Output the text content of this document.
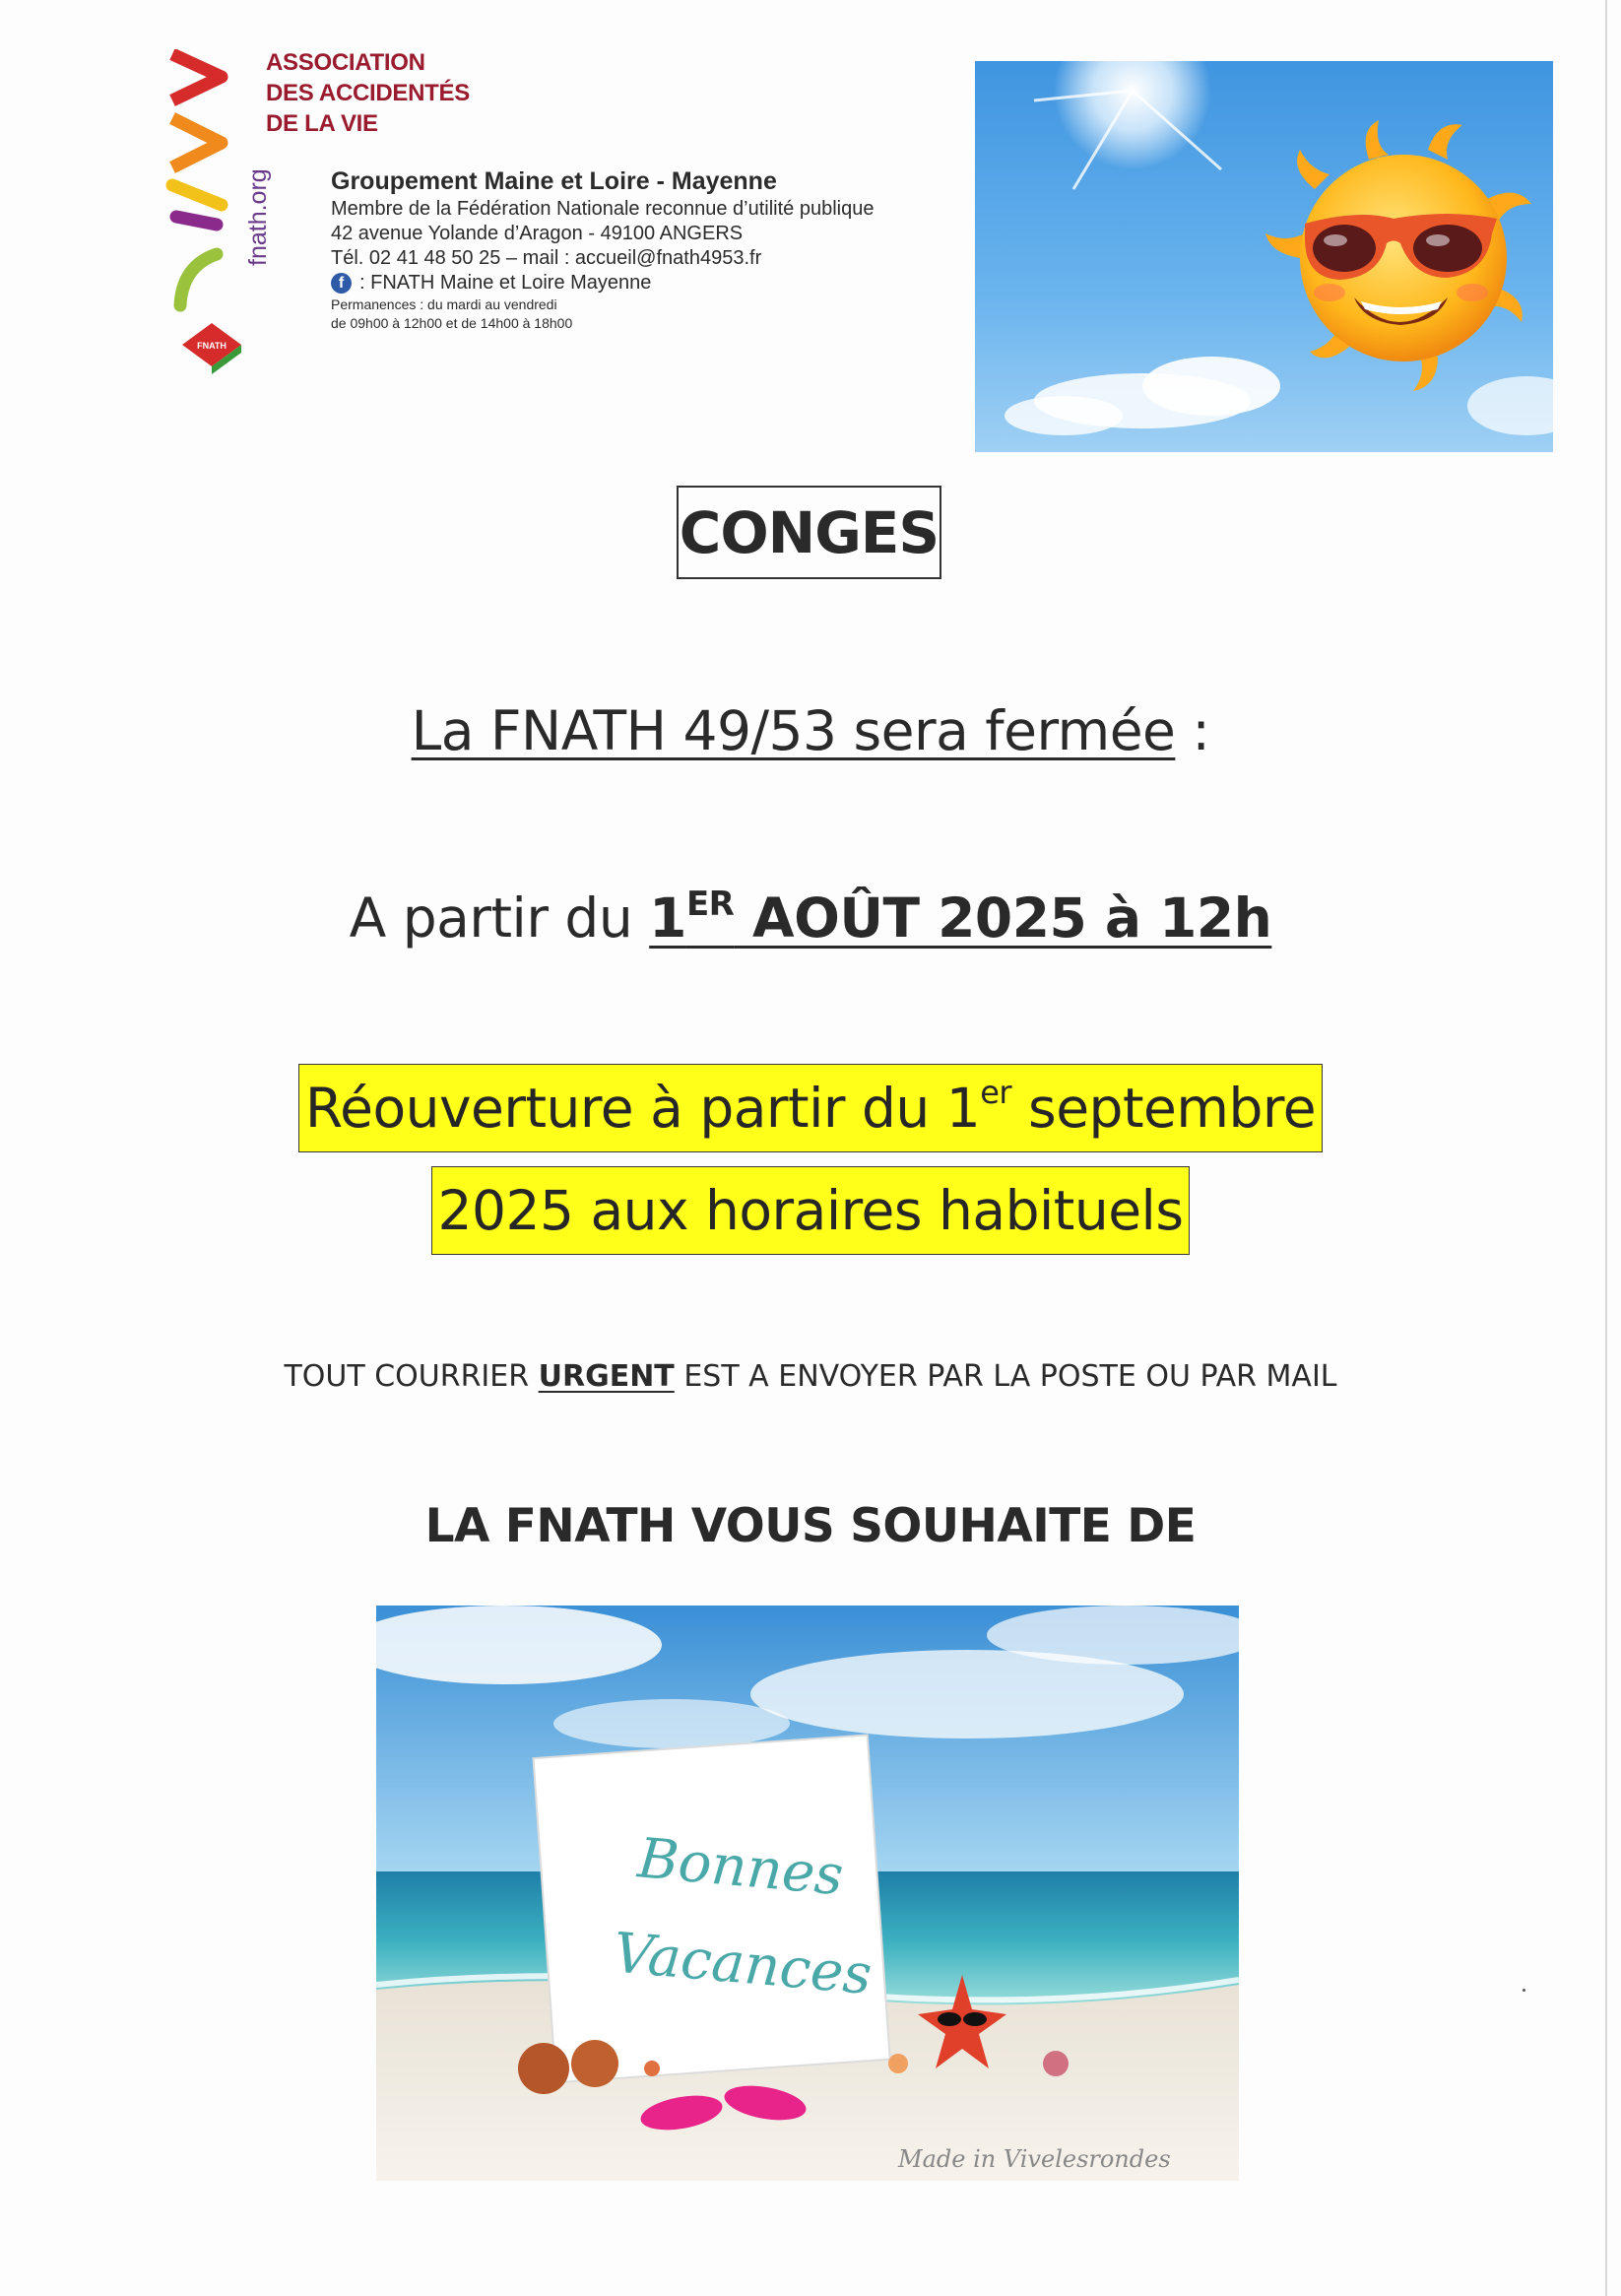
FNATH
fnath.org
ASSOCIATION
DES ACCIDENTÉS
DE LA VIE
Groupement Maine et Loire - Mayenne
Membre de la Fédération Nationale reconnue d’utilité publique
42 avenue Yolande d’Aragon - 49100 ANGERS
Tél. 02 41 48 50 25 – mail : accueil@fnath4953.fr
f : FNATH Maine et Loire Mayenne
Permanences : du mardi au vendredi
de 09h00 à 12h00 et de 14h00 à 18h00
CONGES
La FNATH 49/53 sera fermée :
A partir du 1ER AOÛT 2025 à 12h
Réouverture à partir du 1er septembre
2025 aux horaires habituels
TOUT COURRIER URGENT EST A ENVOYER PAR LA POSTE OU PAR MAIL
LA FNATH VOUS SOUHAITE DE
Bonnes
Vacances
Made in Vivelesrondes
